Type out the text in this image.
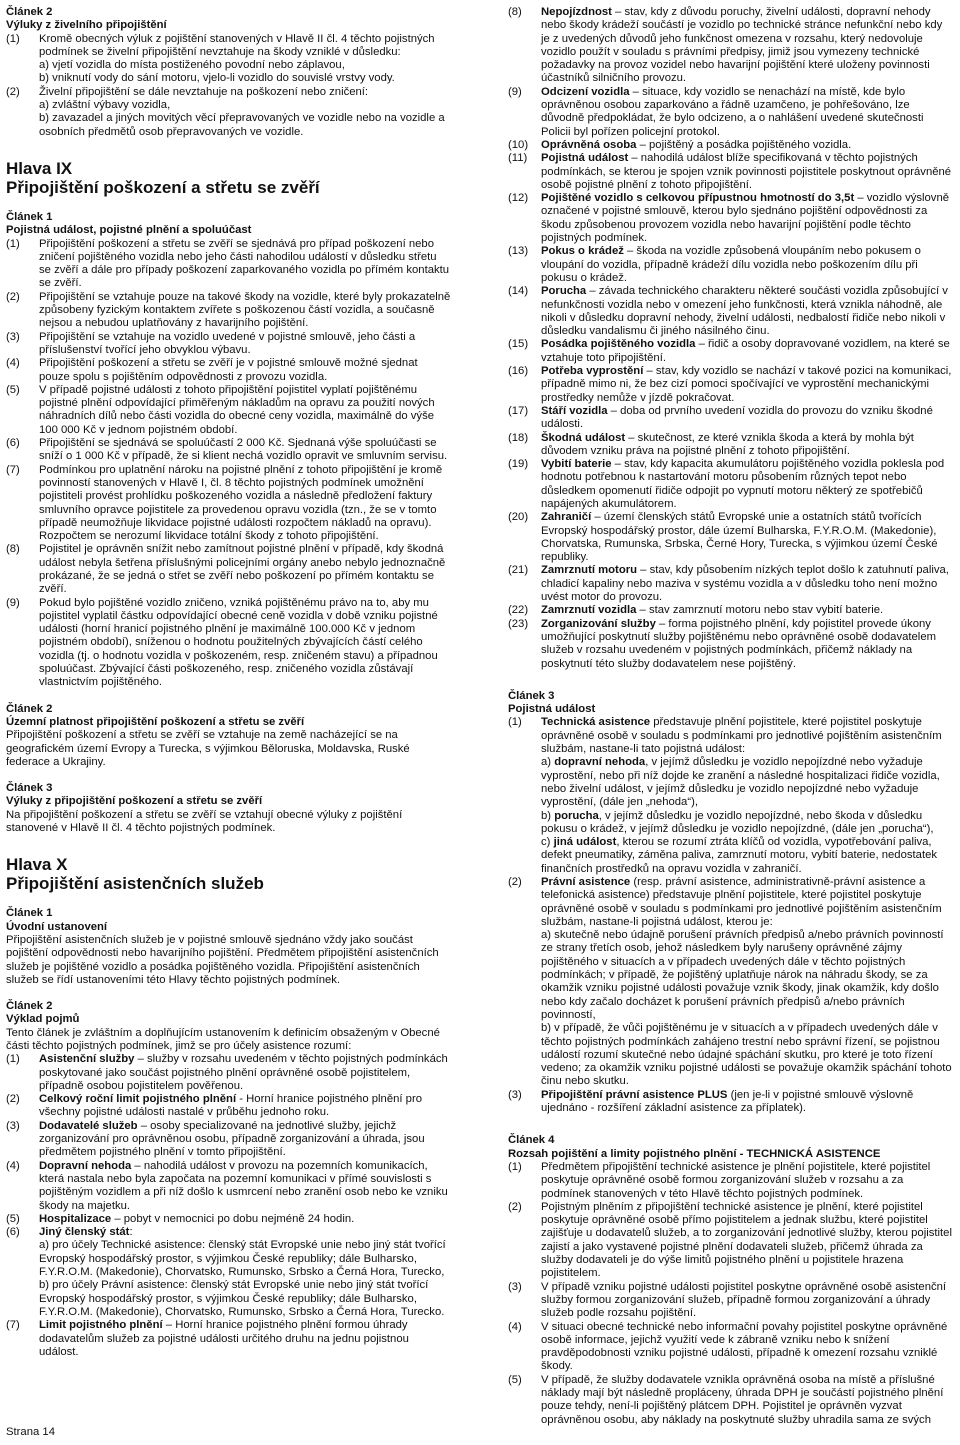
Článek 2
Výluky z živelního připojištění
(1) Kromě obecných výluk z pojištění stanovených v Hlavě II čl. 4 těchto pojistných podmínek se živelní připojištění nevztahuje na škody vzniklé v důsledku:
a) vjetí vozidla do místa postiženého povodní nebo záplavou,
b) vniknutí vody do sání motoru, vjelo-li vozidlo do souvislé vrstvy vody.
(2) Živelní připojištění se dále nevztahuje na poškození nebo zničení:
a) zvláštní výbavy vozidla,
b) zavazadel a jiných movitých věcí přepravovaných ve vozidle nebo na vozidle a osobních předmětů osob přepravovaných ve vozidle.
Hlava IX
Připojištění poškození a střetu se zvěří
Článek 1
Pojistná událost, pojistné plnění a spoluúčast
(1) Připojištění poškození a střetu se zvěří se sjednává pro případ poškození nebo zničení pojištěného vozidla nebo jeho části nahodilou událostí v důsledku střetu se zvěří a dále pro případy poškození zaparkovaného vozidla po přímém kontaktu se zvěří.
(2) Připojištění se vztahuje pouze na takové škody na vozidle, které byly prokazatelně způsobeny fyzickým kontaktem zvířete s poškozenou částí vozidla, a současně nejsou a nebudou uplatňovány z havarijního pojištění.
(3) Připojištění se vztahuje na vozidlo uvedené v pojistné smlouvě, jeho části a příslušenství tvořící jeho obvyklou výbavu.
(4) Připojištění poškození a střetu se zvěří je v pojistné smlouvě možné sjednat pouze spolu s pojištěním odpovědnosti z provozu vozidla.
(5) V případě pojistné události z tohoto připojištění pojistitel vyplatí pojištěnému pojistné plnění odpovídající přiměřeným nákladům na opravu za použití nových náhradních dílů nebo části vozidla do obecné ceny vozidla, maximálně do výše 100 000 Kč v jednom pojistném období.
(6) Připojištění se sjednává se spoluúčastí 2 000 Kč. Sjednaná výše spoluúčasti se sníží o 1 000 Kč v případě, že si klient nechá vozidlo opravit ve smluvním servisu.
(7) Podmínkou pro uplatnění nároku na pojistné plnění z tohoto připojištění je kromě povinností stanovených v Hlavě I, čl. 8 těchto pojistných podmínek umožnění pojistiteli provést prohlídku poškozeného vozidla a následně předložení faktury smluvního opravce pojistitele za provedenou opravu vozidla (tzn., že se v tomto případě neumožňuje likvidace pojistné události rozpočtem nákladů na opravu). Rozpočtem se nerozumí likvidace totální škody z tohoto připojištění.
(8) Pojistitel je oprávněn snížit nebo zamítnout pojistné plnění v případě, kdy škodná událost nebyla šetřena příslušnými policejními orgány anebo nebylo jednoznačně prokázané, že se jedná o střet se zvěří nebo poškození po přímém kontaktu se zvěří.
(9) Pokud bylo pojištěné vozidlo zničeno, vzniká pojištěnému právo na to, aby mu pojistitel vyplatil částku odpovídající obecné ceně vozidla v době vzniku pojistné události (horní hranicí pojistného plnění je maximálně 100.000 Kč v jednom pojistném období), sníženou o hodnotu použitelných zbývajících částí celého vozidla (tj. o hodnotu vozidla v poškozeném, resp. zničeném stavu) a případnou spoluúčast. Zbývající části poškozeného, resp. zničeného vozidla zůstávají vlastnictvím pojištěného.
Článek 2
Územní platnost připojištění poškození a střetu se zvěří

Připojištění poškození a střetu se zvěří se vztahuje na země nacházející se na geografickém území Evropy a Turecka, s výjimkou Běloruska, Moldavska, Ruské federace a Ukrajiny.

Článek 3
Výluky z připojištění poškození a střetu se zvěří

Na připojištění poškození a střetu se zvěří se vztahují obecné výluky z pojištění stanovené v Hlavě II čl. 4 těchto pojistných podmínek.

Hlava X
Připojištění asistenčních služeb
Článek 1
Úvodní ustanovení

Připojištění asistenčních služeb je v pojistné smlouvě sjednáno vždy jako součást pojištění odpovědnosti nebo havarijního pojištění. Předmětem připojištění asistenčních služeb je pojištěné vozidlo a posádka pojištěného vozidla. Připojištění asistenčních služeb se řídí ustanoveními této Hlavy těchto pojistných podmínek.

Článek 2
Výklad pojmů

Tento článek je zvláštním a doplňujícím ustanovením k definicím obsaženým v Obecné části těchto pojistných podmínek, jimž se pro účely asistence rozumí:

(1) Asistenční služby – služby v rozsahu uvedeném v těchto pojistných podmínkách poskytované jako součást pojistného plnění oprávněné osobě pojistitelem, případně osobou pojistitelem pověřenou.
(2) Celkový roční limit pojistného plnění - Horní hranice pojistného plnění pro všechny pojistné události nastalé v průběhu jednoho roku.
(3) Dodavatelé služeb – osoby specializované na jednotlivé služby, jejichž zorganizování pro oprávněnou osobu, případně zorganizování a úhrada, jsou předmětem pojistného plnění v tomto připojištění.
(4) Dopravní nehoda – nahodilá událost v provozu na pozemních komunikacích, která nastala nebo byla započata na pozemní komunikaci v přímé souvislosti s pojištěným vozidlem a při níž došlo k usmrcení nebo zranění osob nebo ke vzniku škody na majetku.
(5) Hospitalizace – pobyt v nemocnici po dobu nejméně 24 hodin.
(6) Jiný členský stát:
a) pro účely Technické asistence: členský stát Evropské unie nebo jiný stát tvořící Evropský hospodářský prostor, s výjimkou České republiky; dále Bulharsko, F.Y.R.O.M. (Makedonie), Chorvatsko, Rumunsko, Srbsko a Černá Hora, Turecko,
b) pro účely Právní asistence: členský stát Evropské unie nebo jiný stát tvořící Evropský hospodářský prostor, s výjimkou České republiky; dále Bulharsko, F.Y.R.O.M. (Makedonie), Chorvatsko, Rumunsko, Srbsko a Černá Hora, Turecko.
(7) Limit pojistného plnění – Horní hranice pojistného plnění formou úhrady dodavatelům služeb za pojistné události určitého druhu na jednu pojistnou událost.
(8) Nepojízdnost – stav, kdy z důvodu poruchy, živelní události, dopravní nehody nebo škody krádeží součástí je vozidlo po technické stránce nefunkční nebo kdy je z uvedených důvodů jeho funkčnost omezena v rozsahu, který nedovoluje vozidlo použít v souladu s právními předpisy, jimiž jsou vymezeny technické požadavky na provoz vozidel nebo havarijní pojištění které uloženy povinnosti účastníků silničního provozu.
(9) Odcizení vozidla – situace, kdy vozidlo se nenachází na místě, kde bylo oprávněnou osobou zaparkováno a řádně uzamčeno, je pohřešováno, lze důvodně předpokládat, že bylo odcizeno, a o nahlášení uvedené skutečnosti Policii byl pořízen policejní protokol.
(10) Oprávněná osoba – pojištěný a posádka pojištěného vozidla.
(11) Pojistná událost – nahodilá událost blíže specifikovaná v těchto pojistných podmínkách, se kterou je spojen vznik povinnosti pojistitele poskytnout oprávněné osobě pojistné plnění z tohoto připojištění.
(12) Pojištěné vozidlo s celkovou přípustnou hmotností do 3,5t – vozidlo výslovně označené v pojistné smlouvě, kterou bylo sjednáno pojištění odpovědnosti za škodu způsobenou provozem vozidla nebo havarijní pojištění podle těchto pojistných podmínek.
(13) Pokus o krádež – škoda na vozidle způsobená vloupáním nebo pokusem o vloupání do vozidla, případně krádeží dílu vozidla nebo poškozením dílu při pokusu o krádež.
(14) Porucha – závada technického charakteru některé součásti vozidla způsobující v nefunkčnosti vozidla nebo v omezení jeho funkčnosti, která vznikla náhodně, ale nikoli v důsledku dopravní nehody, živelní události, nedbalostí řidiče nebo nikoli v důsledku vandalismu či jiného násilného činu.
(15) Posádka pojištěného vozidla – řidič a osoby dopravované vozidlem, na které se vztahuje toto připojištění.
(16) Potřeba vyprostění – stav, kdy vozidlo se nachází v takové pozici na komunikaci, případně mimo ni, že bez cizí pomoci spočívající ve vyprostění mechanickými prostředky nemůže v jízdě pokračovat.
(17) Stáří vozidla – doba od prvního uvedení vozidla do provozu do vzniku škodné události.
(18) Škodná událost – skutečnost, ze které vznikla škoda a která by mohla být důvodem vzniku práva na pojistné plnění z tohoto připojištění.
(19) Vybití baterie – stav, kdy kapacita akumulátoru pojištěného vozidla poklesla pod hodnotu potřebnou k nastartování motoru působením různých tepot nebo důsledkem opomenutí řidiče odpojit po vypnutí motoru některý ze spotřebičů napájených akumulátorem.
(20) Zahraničí – území členských států Evropské unie a ostatních států tvořících Evropský hospodářský prostor, dále území Bulharska, F.Y.R.O.M. (Makedonie), Chorvatska, Rumunska, Srbska, Černé Hory, Turecka, s výjimkou území České republiky.
(21) Zamrznutí motoru – stav, kdy působením nízkých teplot došlo k zatuhnutí paliva, chladicí kapaliny nebo maziva v systému vozidla a v důsledku toho není možno uvést motor do provozu.
(22) Zamrznutí vozidla – stav zamrznutí motoru nebo stav vybití baterie.
(23) Zorganizování služby – forma pojistného plnění, kdy pojistitel provede úkony umožňující poskytnutí služby pojištěnému nebo oprávněné osobě dodavatelem služeb v rozsahu uvedeném v pojistných podmínkách, přičemž náklady na poskytnutí této služby dodavatelem nese pojištěný.
Článek 3
Pojistná událost
(1) Technická asistence představuje plnění pojistitele, které pojistitel poskytuje oprávněné osobě v souladu s podmínkami pro jednotlivé pojištěním asistenčním službám, nastane-li tato pojistná událost:
a) dopravní nehoda, v jejímž důsledku je vozidlo nepojízdné nebo vyžaduje vyprostění, nebo při níž dojde ke zranění a následné hospitalizaci řidiče vozidla, nebo živelní událost, v jejímž důsledku je vozidlo nepojízdné nebo vyžaduje vyprostění, (dále jen „nehoda“),
b) porucha, v jejímž důsledku je vozidlo nepojízdné, nebo škoda v důsledku pokusu o krádež, v jejímž důsledku je vozidlo nepojízdné, (dále jen „porucha“),
c) jiná událost, kterou se rozumí ztráta klíčů od vozidla, vypotřebování paliva, defekt pneumatiky, záměna paliva, zamrznutí motoru, vybití baterie, nedostatek finančních prostředků na opravu vozidla v zahraničí.
(2) Právní asistence (resp. právní asistence, administrativně-právní asistence a telefonická asistence) představuje plnění pojistitele, které pojistitel poskytuje oprávněné osobě v souladu s podmínkami pro jednotlivé pojištěním asistenčním službám, nastane-li pojistná událost, kterou je:
a) skutečně nebo údajně porušení právních předpisů a/nebo právních povinností ze strany třetích osob, jehož následkem byly narušeny oprávněné zájmy pojištěného v situacích a v případech uvedených dále v těchto pojistných podmínkách; v případě, že pojištěný uplatňuje nárok na náhradu škody, se za okamžik vzniku pojistné události považuje vznik škody, jinak okamžik, kdy došlo nebo kdy začalo docházet k porušení právních předpisů a/nebo právních povinností,
b) v případě, že vůči pojištěnému je v situacích a v případech uvedených dále v těchto pojistných podmínkách zahájeno trestní nebo správní řízení, se pojistnou událostí rozumí skutečné nebo údajné spáchání skutku, pro které je toto řízení vedeno; za okamžik vzniku pojistné události se považuje okamžik spáchání tohoto činu nebo skutku.
(3) Připojištění právní asistence PLUS (jen je-li v pojistné smlouvě výslovně ujednáno - rozšíření základní asistence za příplatek).
Článek 4
Rozsah pojištění a limity pojistného plnění - TECHNICKÁ ASISTENCE
(1) Předmětem připojištění technické asistence je plnění pojistitele, které pojistitel poskytuje oprávněné osobě formou zorganizování služeb v rozsahu a za podmínek stanovených v této Hlavě těchto pojistných podmínek.
(2) Pojistným plněním z připojištění technické asistence je plnění, které pojistitel poskytuje oprávněné osobě přímo pojistitelem a jednak službu, které pojistitel zajišťuje u dodavatelů služeb, a to zorganizování jednotlivé služby, kterou pojistitel zajistí a jako vystavené pojistné plnění dodavateli služeb, přičemž úhrada za služby dodavateli je do výše limitů pojistného plnění u pojistitele hrazena pojistitelem.
(3) V případě vzniku pojistné události pojistitel poskytne oprávněné osobě asistenční služby formou zorganizování služeb, případně formou zorganizování a úhrady služeb podle rozsahu pojištění.
(4) V situaci obecné technické nebo informační povahy pojistitel poskytne oprávněné osobě informace, jejichž využití vede k zábraně vzniku nebo k snížení pravděpodobnosti vzniku pojistné události, případně k omezení rozsahu vzniklé škody.
(5) V případě, že služby dodavatele vznikla oprávněná osoba na místě a příslušné náklady mají být následně propláceny, úhrada DPH je součástí pojistného plnění pouze tehdy, není-li pojištěný plátcem DPH. Pojistitel je oprávněn vyzvat oprávněnou osobu, aby náklady na poskytnuté služby uhradila sama ze svých
Strana 14
